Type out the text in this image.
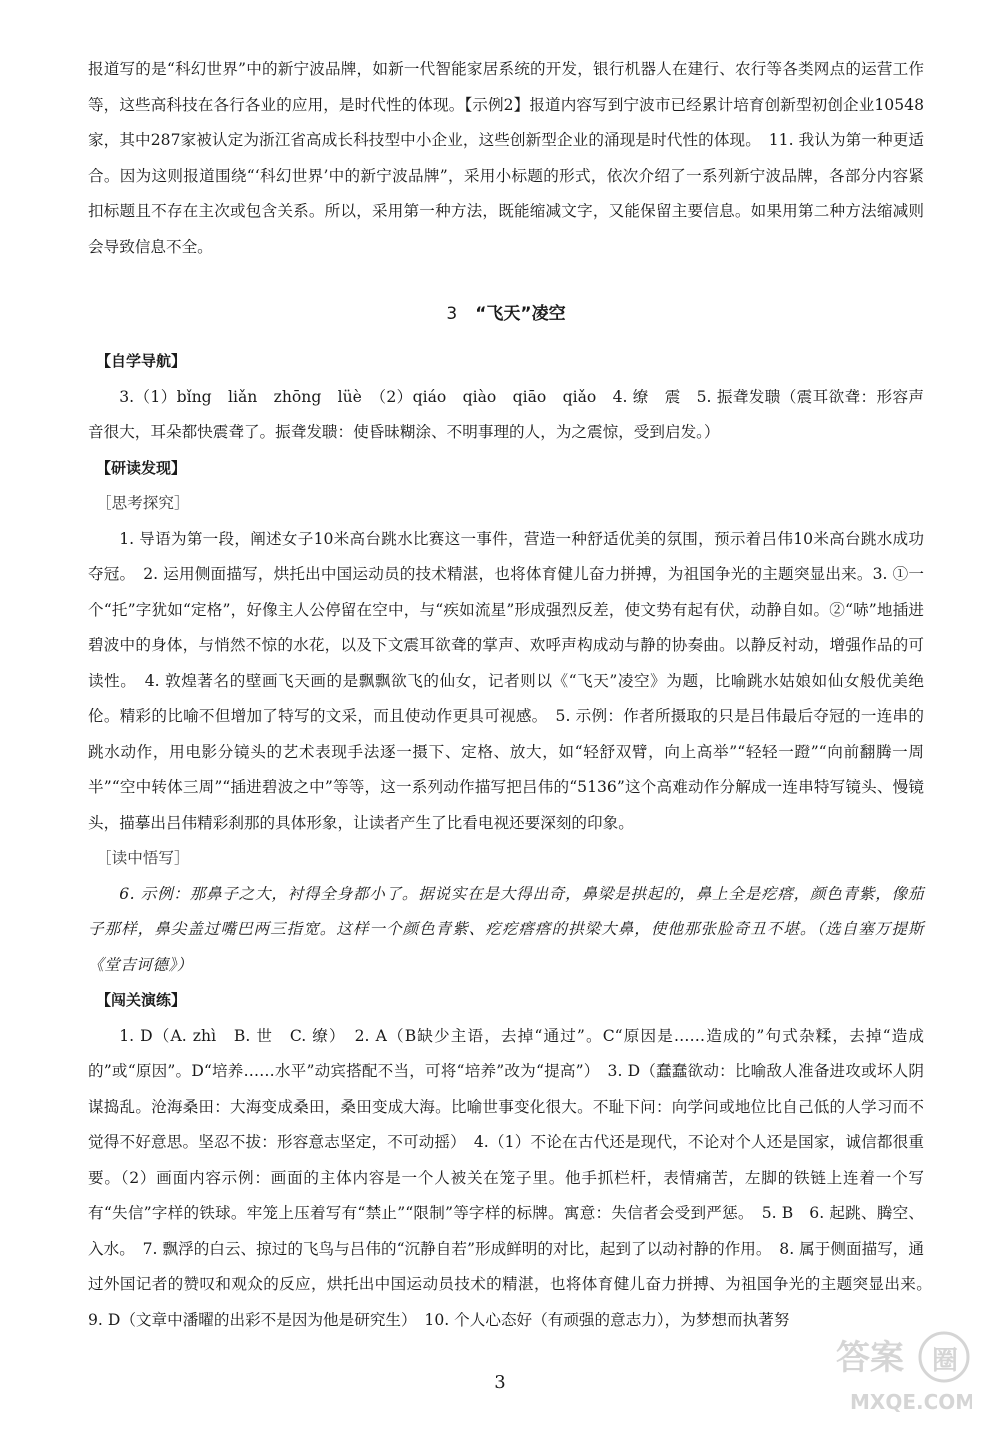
报道写的是“科幻世界”中的新宁波品牌，如新一代智能家居系统的开发，银行机器人在建行、农行等各类网点的运营工作等，这些高科技在各行各业的应用，是时代性的体现。【示例2】报道内容写到宁波市已经累计培育创新型初创企业10548家，其中287家被认定为浙江省高成长科技型中小企业，这些创新型企业的涌现是时代性的体现。　11. 我认为第一种更适合。因为这则报道围绕“‘科幻世界’中的新宁波品牌”，采用小标题的形式，依次介绍了一系列新宁波品牌，各部分内容紧扣标题且不存在主次或包含关系。所以，采用第一种方法，既能缩减文字，又能保留主要信息。如果用第二种方法缩减则会导致信息不全。

3 “飞天”凌空
【自学导航】

3.（1）bǐng　liǎn　zhōng　lüè　（2）qiáo　qiào　qiāo　qiǎo　4. 缭　震　5. 振聋发聩（震耳欲聋：形容声音很大，耳朵都快震聋了。振聋发聩：使昏昧糊涂、不明事理的人，为之震惊，受到启发。）

【研读发现】
［思考探究］

1. 导语为第一段，阐述女子10米高台跳水比赛这一事件，营造一种舒适优美的氛围，预示着吕伟10米高台跳水成功夺冠。　2. 运用侧面描写，烘托出中国运动员的技术精湛，也将体育健儿奋力拼搏，为祖国争光的主题突显出来。3. ①一个“托”字犹如“定格”，好像主人公停留在空中，与“疾如流星”形成强烈反差，使文势有起有伏，动静自如。②“哧”地插进碧波中的身体，与悄然不惊的水花，以及下文震耳欲聋的掌声、欢呼声构成动与静的协奏曲。以静反衬动，增强作品的可读性。　4. 敦煌著名的壁画飞天画的是飘飘欲飞的仙女，记者则以《“飞天”凌空》为题，比喻跳水姑娘如仙女般优美绝伦。精彩的比喻不但增加了特写的文采，而且使动作更具可视感。　5. 示例：作者所摄取的只是吕伟最后夺冠的一连串的跳水动作，用电影分镜头的艺术表现手法逐一摄下、定格、放大，如“轻舒双臂，向上高举”“轻轻一蹬”“向前翻腾一周半”“空中转体三周”“插进碧波之中”等等，这一系列动作描写把吕伟的“5136”这个高难动作分解成一连串特写镜头、慢镜头，描摹出吕伟精彩刹那的具体形象，让读者产生了比看电视还要深刻的印象。

［读中悟写］

6. 示例：那鼻子之大，衬得全身都小了。据说实在是大得出奇，鼻梁是拱起的，鼻上全是疙瘩，颜色青紫，像茄子那样，鼻尖盖过嘴巴两三指宽。这样一个颜色青紫、疙疙瘩瘩的拱梁大鼻，使他那张脸奇丑不堪。（选自塞万提斯《堂吉诃德》）

【闯关演练】

1. D（A. zhì　B. 世　C. 缭）　2. A（B缺少主语，去掉“通过”。C“原因是……造成的”句式杂糅，去掉“造成的”或“原因”。D“培养……水平”动宾搭配不当，可将“培养”改为“提高”）　3. D（蠢蠢欲动：比喻敌人准备进攻或坏人阴谋捣乱。沧海桑田：大海变成桑田，桑田变成大海。比喻世事变化很大。不耻下问：向学问或地位比自己低的人学习而不觉得不好意思。坚忍不拔：形容意志坚定，不可动摇）　4.（1）不论在古代还是现代，不论对个人还是国家，诚信都很重要。（2）画面内容示例：画面的主体内容是一个人被关在笼子里。他手抓栏杆，表情痛苦，左脚的铁链上连着一个写有“失信”字样的铁球。牢笼上压着写有“禁止”“限制”等字样的标牌。寓意：失信者会受到严惩。　5. B　6. 起跳、腾空、入水。　7. 飘浮的白云、掠过的飞鸟与吕伟的“沉静自若”形成鲜明的对比，起到了以动衬静的作用。　8. 属于侧面描写，通过外国记者的赞叹和观众的反应，烘托出中国运动员技术的精湛，也将体育健儿奋力拼搏、为祖国争光的主题突显出来。　9. D（文章中潘曜的出彩不是因为他是研究生）　10. 个人心态好（有顽强的意志力），为梦想而执著努

3
答案 圈
MXQE.COM
